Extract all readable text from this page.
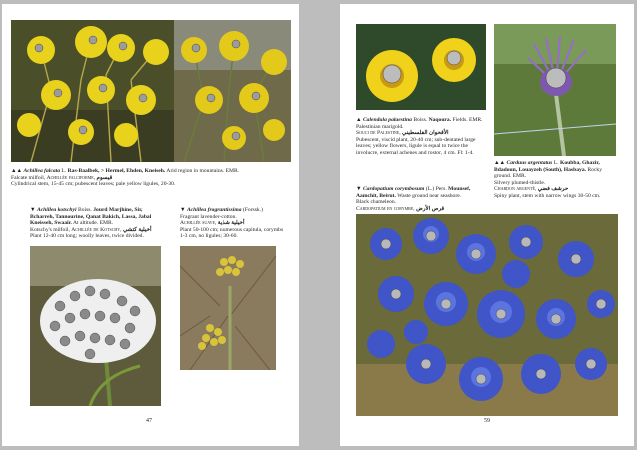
▲▲ Achillea falcata L. Ras-Baalbek, > Hermel, Ehden, Kneiseh. Arid region in mountains. EMR.
Falcate milfoil, Achillée falciforme, قيسوم
Cylindrical stem, 15-45 cm; pubescent leaves; pale yellow ligules, 20-30.
▼ Achillea kotschyi Boiss. Jourd Marjhine, Sir, Bcharreh, Tannourine, Qanat Bakich, Lassa, Jabal Kneisseh, Swaaïr. At altitude. EMR.
Kotschy's milfoil, Achillée de Kotschy, أخيلية كتشي
Plant 12-40 cm long; woolly leaves, twice divided.
▼ Achillea fragrantissima (Forssk.)
Fragrant lavender-cotton.
Achillée suave, أخيلية شذية
Plant 50-100 cm; numerous capitula, corymbs 1-3 cm, no ligules; 30-60.
47
▲ Calendula palaestina Boiss. Naqoura. Fields. EMR.
Palestinian marigold.
Souci de Palestine, الأقحوان الفلسطيني
Pubescent, viscid plant, 20-40 cm; sub-dentated large leaves; yellow flowers, ligule is equal to twice the involucre, external achenes and rostor, 4 cm. Fl: 1-4.
▲▲ Carduus argentatus L. Koubba, Ghazir, Bdadoun, Louayzeh (South), Hasbaya. Rocky ground. EMR.
Silvery plumed-thistle.
Chardon argenté, حرشف فضي
Spiny plant, stem with narrow wings 30-50 cm.
▼ Cardopatium corymbosum (L.) Pers. Mounsef, Aamchit, Beirut. Waste ground near seashore.
Black chameleon.
Cardopatium en corymbe, قرص الأرض
59
